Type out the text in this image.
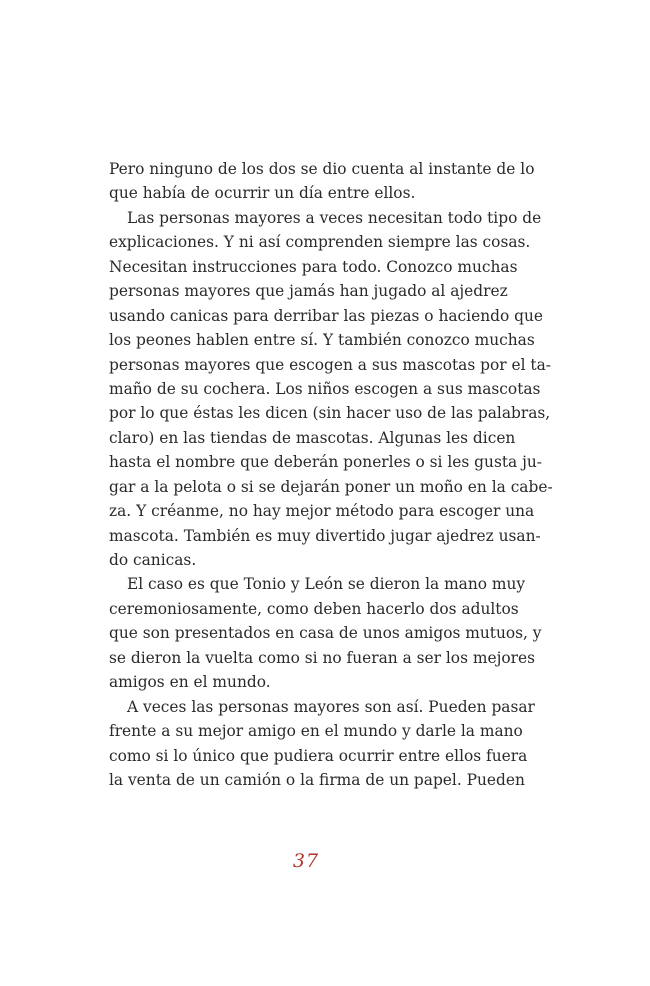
Pero ninguno de los dos se dio cuenta al instante de lo
que había de ocurrir un día entre ellos.
Las personas mayores a veces necesitan todo tipo de
explicaciones. Y ni así comprenden siempre las cosas.
Necesitan instrucciones para todo. Conozco muchas
personas mayores que jamás han jugado al ajedrez
usando canicas para derribar las piezas o haciendo que
los peones hablen entre sí. Y también conozco muchas
personas mayores que escogen a sus mascotas por el ta-
maño de su cochera. Los niños escogen a sus mascotas
por lo que éstas les dicen (sin hacer uso de las palabras,
claro) en las tiendas de mascotas. Algunas les dicen
hasta el nombre que deberán ponerles o si les gusta ju-
gar a la pelota o si se dejarán poner un moño en la cabe-
za. Y créanme, no hay mejor método para escoger una
mascota. También es muy divertido jugar ajedrez usan-
do canicas.
El caso es que Tonio y León se dieron la mano muy
ceremoniosamente, como deben hacerlo dos adultos
que son presentados en casa de unos amigos mutuos, y
se dieron la vuelta como si no fueran a ser los mejores
amigos en el mundo.
A veces las personas mayores son así. Pueden pasar
frente a su mejor amigo en el mundo y darle la mano
como si lo único que pudiera ocurrir entre ellos fuera
la venta de un camión o la firma de un papel. Pueden
37
